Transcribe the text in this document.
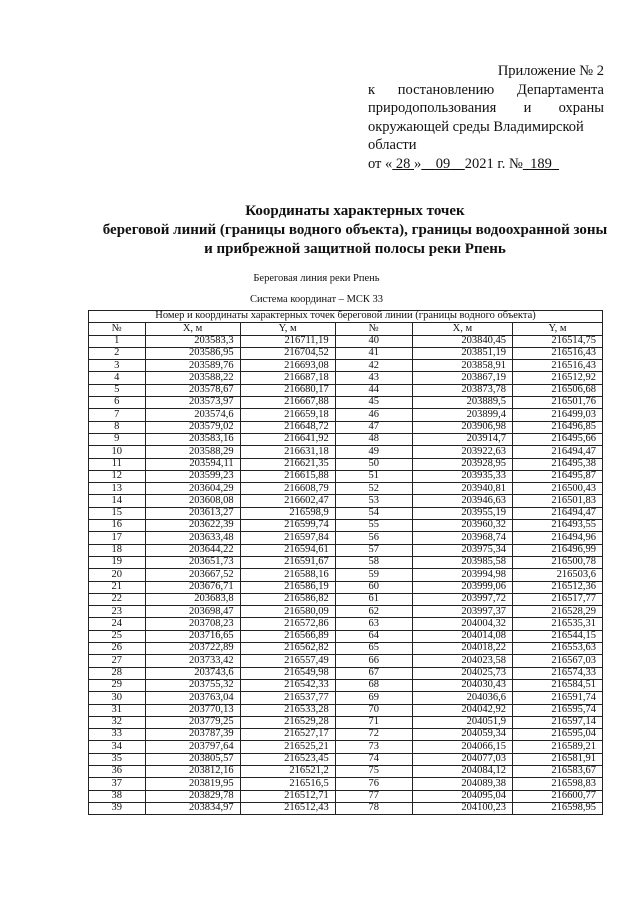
Приложение № 2
к постановлению Департамента
природопользования и охраны
окружающей среды Владимирской
области
от « 28 » 09 2021 г. № 189
Координаты характерных точек
береговой линий (границы водного объекта), границы водоохранной зоны
и прибрежной защитной полосы реки Рпень
Береговая линия реки Рпень
Система координат – МСК 33
Номер и координаты характерных точек береговой линии (границы водного объекта)					
№	X, м	Y, м	№	X, м	Y, м
1	203583,3	216711,19	40	203840,45	216514,75
2	203586,95	216704,52	41	203851,19	216516,43
3	203589,76	216693,08	42	203858,91	216516,43
4	203588,22	216687,18	43	203867,19	216512,92
5	203578,67	216680,17	44	203873,78	216506,68
6	203573,97	216667,88	45	203889,5	216501,76
7	203574,6	216659,18	46	203899,4	216499,03
8	203579,02	216648,72	47	203906,98	216496,85
9	203583,16	216641,92	48	203914,7	216495,66
10	203588,29	216631,18	49	203922,63	216494,47
11	203594,11	216621,35	50	203928,95	216495,38
12	203599,23	216615,88	51	203935,33	216495,87
13	203604,29	216608,79	52	203940,81	216500,43
14	203608,08	216602,47	53	203946,63	216501,83
15	203613,27	216598,9	54	203955,19	216494,47
16	203622,39	216599,74	55	203960,32	216493,55
17	203633,48	216597,84	56	203968,74	216494,96
18	203644,22	216594,61	57	203975,34	216496,99
19	203651,73	216591,67	58	203985,58	216500,78
20	203667,52	216588,16	59	203994,98	216503,6
21	203676,71	216586,19	60	203999,06	216512,36
22	203683,8	216586,82	61	203997,72	216517,77
23	203698,47	216580,09	62	203997,37	216528,29
24	203708,23	216572,86	63	204004,32	216535,31
25	203716,65	216566,89	64	204014,08	216544,15
26	203722,89	216562,82	65	204018,22	216553,63
27	203733,42	216557,49	66	204023,58	216567,03
28	203743,6	216549,98	67	204025,73	216574,33
29	203755,32	216542,33	68	204030,43	216584,51
30	203763,04	216537,77	69	204036,6	216591,74
31	203770,13	216533,28	70	204042,92	216595,74
32	203779,25	216529,28	71	204051,9	216597,14
33	203787,39	216527,17	72	204059,34	216595,04
34	203797,64	216525,21	73	204066,15	216589,21
35	203805,57	216523,45	74	204077,03	216581,91
36	203812,16	216521,2	75	204084,12	216583,67
37	203819,95	216516,5	76	204089,38	216598,83
38	203829,78	216512,71	77	204095,04	216600,77
39	203834,97	216512,43	78	204100,23	216598,95
